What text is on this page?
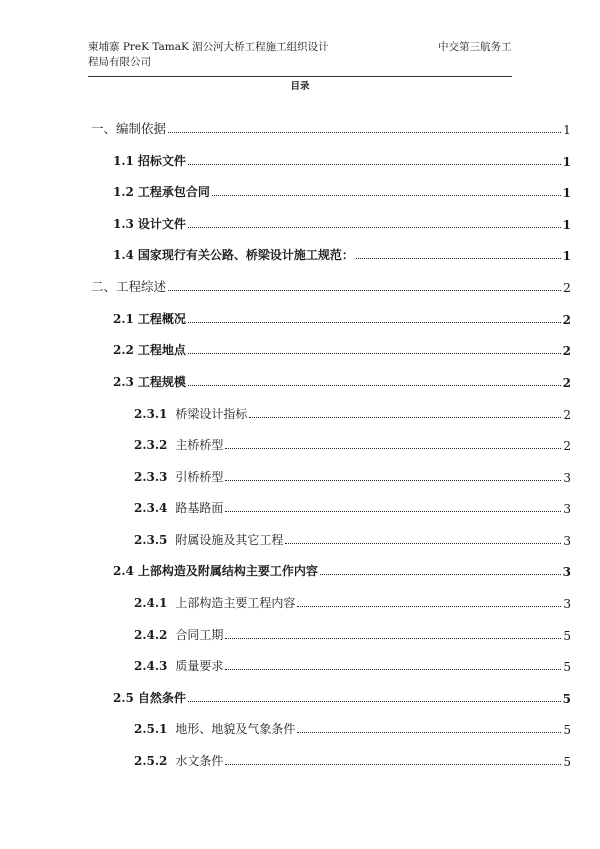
柬埔寨 PreK TamaK 湄公河大桥工程施工组织设计	中交第三航务工
程局有限公司
目录
一、编制依据	1
1.1 招标文件	1
1.2 工程承包合同	1
1.3 设计文件	1
1.4 国家现行有关公路、桥梁设计施工规范：	1
二、工程综述	2
2.1 工程概况	2
2.2 工程地点	2
2.3 工程规模	2
2.3.1 桥梁设计指标	2
2.3.2 主桥桥型	2
2.3.3 引桥桥型	3
2.3.4 路基路面	3
2.3.5 附属设施及其它工程	3
2.4 上部构造及附属结构主要工作内容	3
2.4.1 上部构造主要工程内容	3
2.4.2 合同工期	5
2.4.3 质量要求	5
2.5 自然条件	5
2.5.1 地形、地貌及气象条件	5
2.5.2 水文条件	5
